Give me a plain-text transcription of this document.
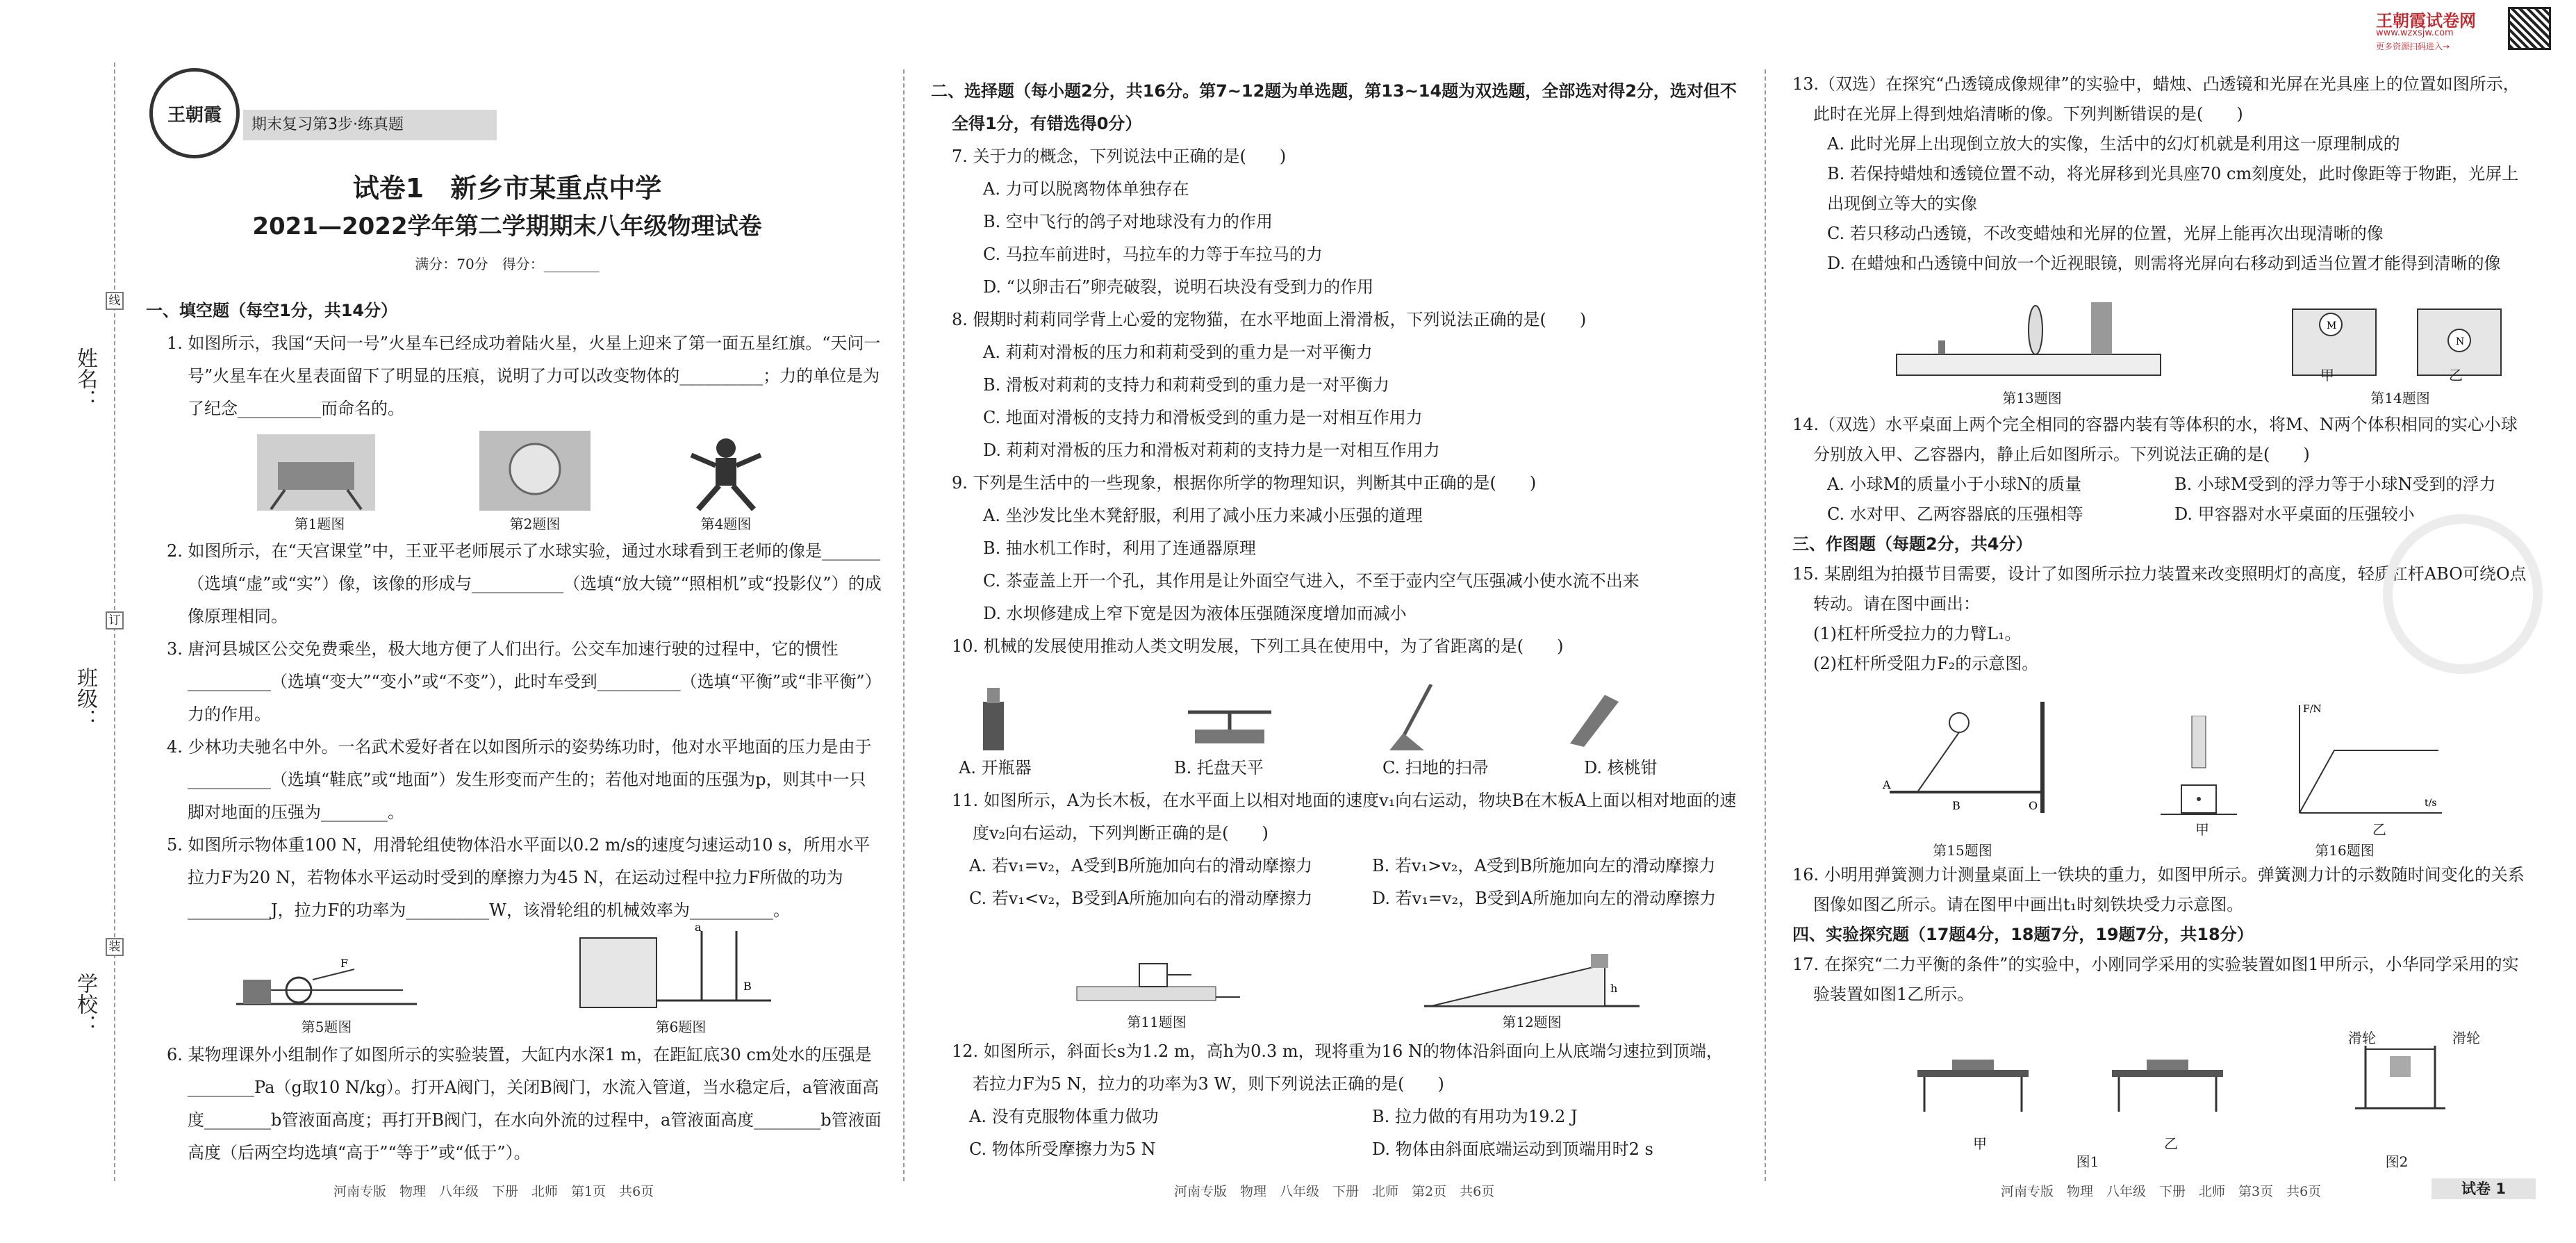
姓名：
班级：
学校：
线
订
装
王朝霞	期末复习第3步·练真题
试卷1　新乡市某重点中学
2021—2022学年第二学期期末八年级物理试卷
满分：70分　得分：________

一、填空题（每空1分，共14分）

1. 如图所示，我国“天问一号”火星车已经成功着陆火星，火星上迎来了第一面五星红旗。“天问一号”火星车在火星表面留下了明显的压痕，说明了力可以改变物体的__________；力的单位是为了纪念__________而命名的。

第1题图	第2题图	第4题图

2. 如图所示，在“天宫课堂”中，王亚平老师展示了水球实验，通过水球看到王老师的像是_______（选填“虚”或“实”）像，该像的形成与___________（选填“放大镜”“照相机”或“投影仪”）的成像原理相同。

3. 唐河县城区公交免费乘坐，极大地方便了人们出行。公交车加速行驶的过程中，它的惯性__________（选填“变大”“变小”或“不变”），此时车受到__________（选填“平衡”或“非平衡”）力的作用。

4. 少林功夫驰名中外。一名武术爱好者在以如图所示的姿势练功时，他对水平地面的压力是由于__________（选填“鞋底”或“地面”）发生形变而产生的；若他对地面的压强为p，则其中一只脚对地面的压强为________。

5. 如图所示物体重100 N，用滑轮组使物体沿水平面以0.2 m/s的速度匀速运动10 s，所用水平拉力F为20 N，若物体水平运动时受到的摩擦力为45 N，在运动过程中拉力F所做的功为__________J，拉力F的功率为__________W，该滑轮组的机械效率为__________。

F
a
B
第5题图	第6题图

6. 某物理课外小组制作了如图所示的实验装置，大缸内水深1 m，在距缸底30 cm处水的压强是________Pa（g取10 N/kg）。打开A阀门，关闭B阀门，水流入管道，当水稳定后，a管液面高度________b管液面高度；再打开B阀门，在水向外流的过程中，a管液面高度________b管液面高度（后两空均选填“高于”“等于”或“低于”）。

河南专版　物理　八年级　下册　北师　第1页　共6页

二、选择题（每小题2分，共16分。第7~12题为单选题，第13~14题为双选题，全部选对得2分，选对但不全得1分，有错选得0分）

7. 关于力的概念，下列说法中正确的是(　　)

A. 力可以脱离物体单独存在

B. 空中飞行的鸽子对地球没有力的作用

C. 马拉车前进时，马拉车的力等于车拉马的力

D. “以卵击石”卵壳破裂，说明石块没有受到力的作用

8. 假期时莉莉同学背上心爱的宠物猫，在水平地面上滑滑板，下列说法正确的是(　　)

A. 莉莉对滑板的压力和莉莉受到的重力是一对平衡力

B. 滑板对莉莉的支持力和莉莉受到的重力是一对平衡力

C. 地面对滑板的支持力和滑板受到的重力是一对相互作用力

D. 莉莉对滑板的压力和滑板对莉莉的支持力是一对相互作用力

9. 下列是生活中的一些现象，根据你所学的物理知识，判断其中正确的是(　　)

A. 坐沙发比坐木凳舒服，利用了减小压力来减小压强的道理

B. 抽水机工作时，利用了连通器原理

C. 茶壶盖上开一个孔，其作用是让外面空气进入，不至于壶内空气压强减小使水流不出来

D. 水坝修建成上窄下宽是因为液体压强随深度增加而减小

10. 机械的发展使用推动人类文明发展，下列工具在使用中，为了省距离的是(　　)

A. 开瓶器	B. 托盘天平	C. 扫地的扫帚	D. 核桃钳

11. 如图所示，A为长木板，在水平面上以相对地面的速度v₁向右运动，物块B在木板A上面以相对地面的速度v₂向右运动，下列判断正确的是(　　)

A. 若v₁=v₂，A受到B所施加向右的滑动摩擦力	B. 若v₁>v₂，A受到B所施加向左的滑动摩擦力
C. 若v₁<v₂，B受到A所施加向右的滑动摩擦力	D. 若v₁=v₂，B受到A所施加向左的滑动摩擦力
h
第11题图	第12题图

12. 如图所示，斜面长s为1.2 m，高h为0.3 m，现将重为16 N的物体沿斜面向上从底端匀速拉到顶端，若拉力F为5 N，拉力的功率为3 W，则下列说法正确的是(　　)

A. 没有克服物体重力做功	B. 拉力做的有用功为19.2 J
C. 物体所受摩擦力为5 N	D. 物体由斜面底端运动到顶端用时2 s
河南专版　物理　八年级　下册　北师　第2页　共6页

13.（双选）在探究“凸透镜成像规律”的实验中，蜡烛、凸透镜和光屏在光具座上的位置如图所示，此时在光屏上得到烛焰清晰的像。下列判断错误的是(　　)

A. 此时光屏上出现倒立放大的实像，生活中的幻灯机就是利用这一原理制成的

B. 若保持蜡烛和透镜位置不动，将光屏移到光具座70 cm刻度处，此时像距等于物距，光屏上出现倒立等大的实像

C. 若只移动凸透镜，不改变蜡烛和光屏的位置，光屏上能再次出现清晰的像

D. 在蜡烛和凸透镜中间放一个近视眼镜，则需将光屏向右移动到适当位置才能得到清晰的像

M
N
甲	乙
第13题图	第14题图

14.（双选）水平桌面上两个完全相同的容器内装有等体积的水，将M、N两个体积相同的实心小球分别放入甲、乙容器内，静止后如图所示。下列说法正确的是(　　)

A. 小球M的质量小于小球N的质量	B. 小球M受到的浮力等于小球N受到的浮力
C. 水对甲、乙两容器底的压强相等	D. 甲容器对水平桌面的压强较小

三、作图题（每题2分，共4分）

15. 某剧组为拍摄节目需要，设计了如图所示拉力装置来改变照明灯的高度，轻质杠杆ABO可绕O点转动。请在图中画出：

(1)杠杆所受拉力的力臂L₁。

(2)杠杆所受阻力F₂的示意图。

A
B	O
F/N
t/s
甲	乙
第15题图	第16题图

16. 小明用弹簧测力计测量桌面上一铁块的重力，如图甲所示。弹簧测力计的示数随时间变化的关系图像如图乙所示。请在图甲中画出t₁时刻铁块受力示意图。

四、实验探究题（17题4分，18题7分，19题7分，共18分）

17. 在探究“二力平衡的条件”的实验中，小刚同学采用的实验装置如图1甲所示，小华同学采用的实验装置如图1乙所示。

滑轮	滑轮
甲	乙
图1	图2
河南专版　物理　八年级　下册　北师　第3页　共6页	试卷 1
王朝霞试卷网
www.wzxsjw.com
更多资源扫码进入→
